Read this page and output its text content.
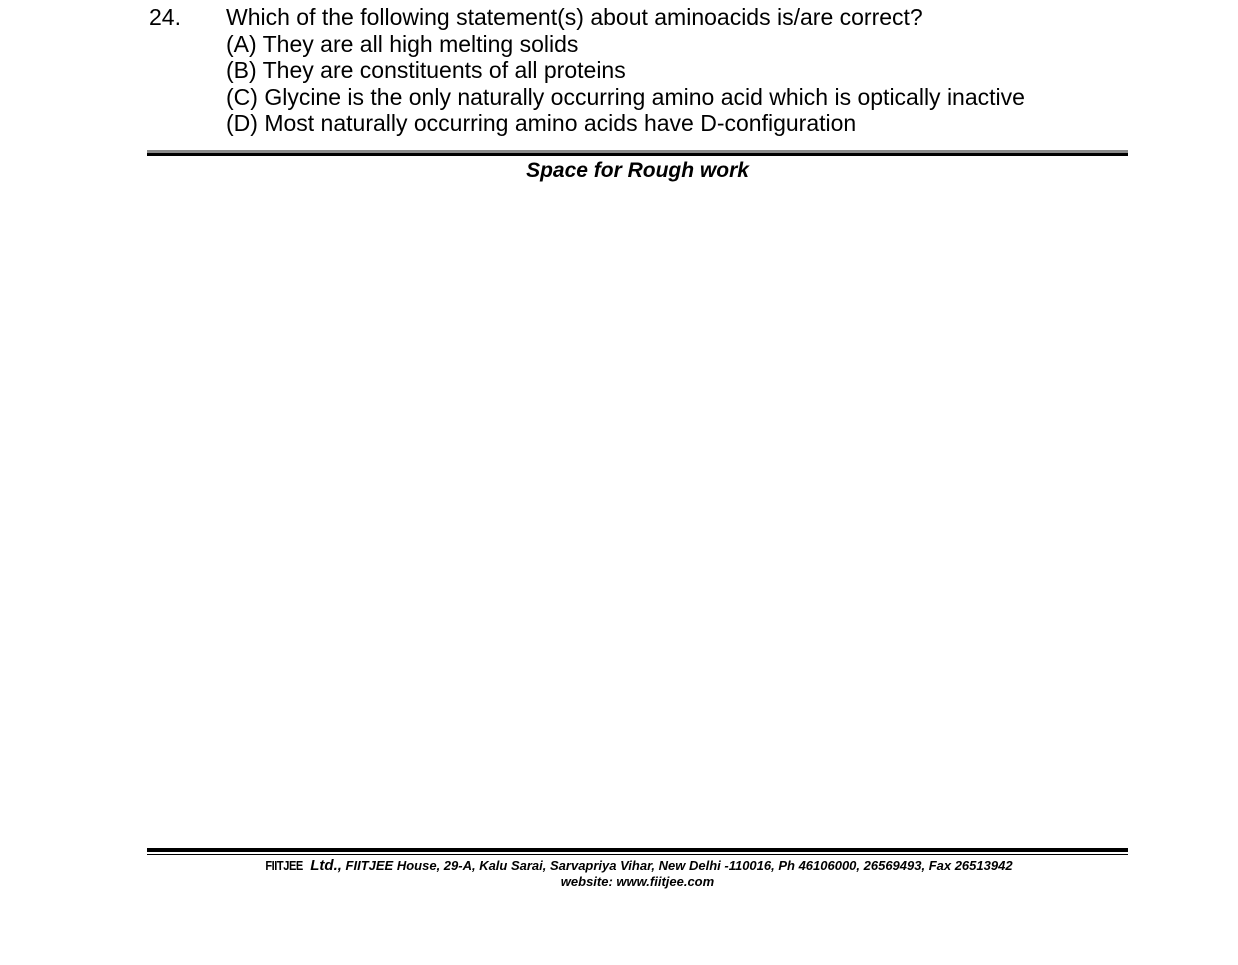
24. Which of the following statement(s) about aminoacids is/are correct?
(A) They are all high melting solids
(B) They are constituents of all proteins
(C) Glycine is the only naturally occurring amino acid which is optically inactive
(D) Most naturally occurring amino acids have D-configuration
Space for Rough work
FIITJEE Ltd., FIITJEE House, 29-A, Kalu Sarai, Sarvapriya Vihar, New Delhi -110016, Ph 46106000, 26569493, Fax 26513942
website: www.fiitjee.com
